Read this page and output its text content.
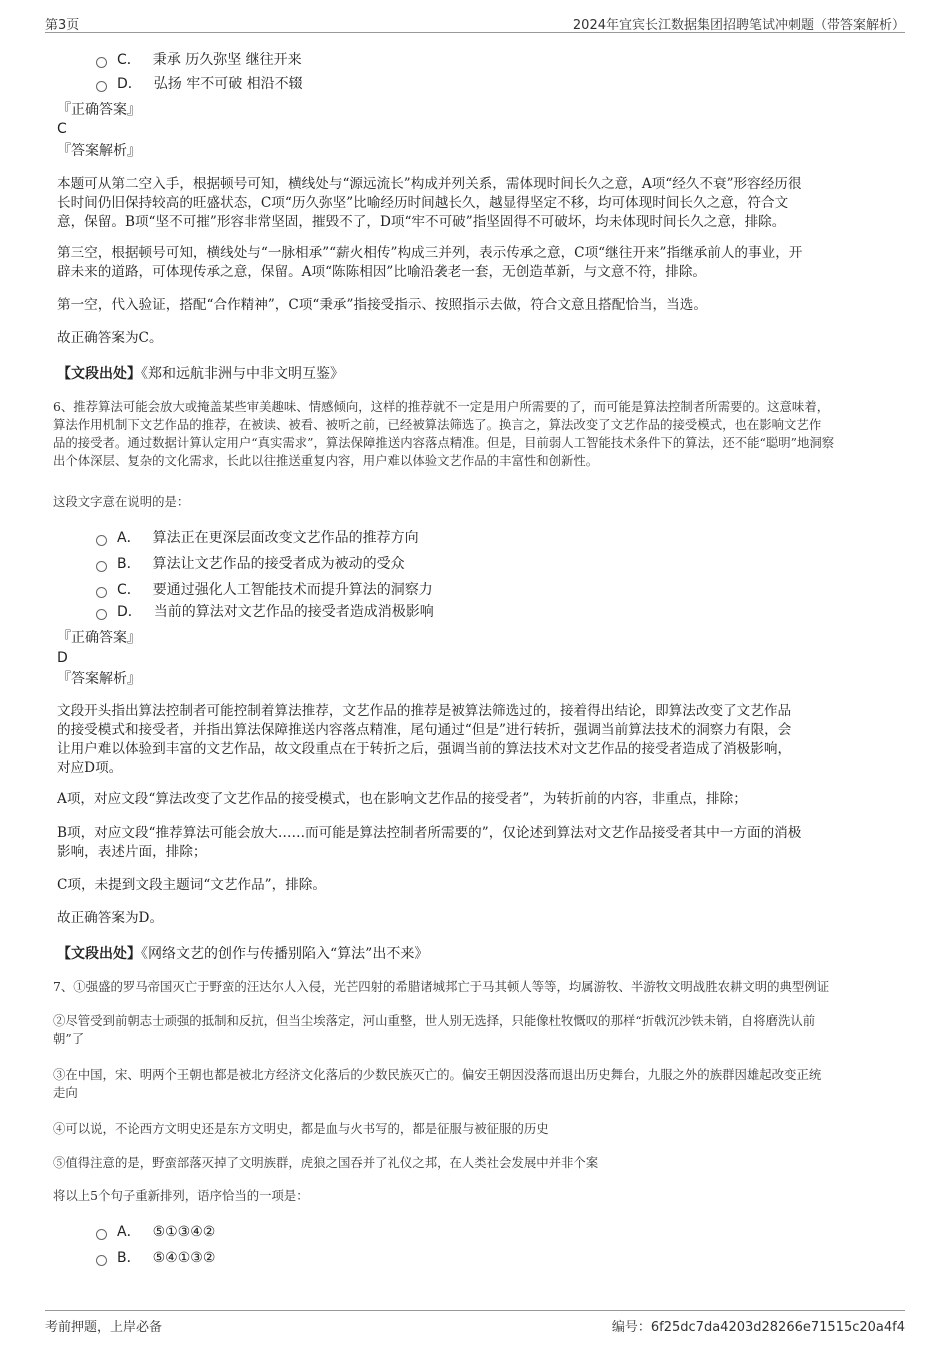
第3页	2024年宜宾长江数据集团招聘笔试冲刺题（带答案解析）
C． 秉承 历久弥坚 继往开来
D． 弘扬 牢不可破 相沿不辍
『正确答案』
C
『答案解析』
本题可从第二空入手，根据顿号可知，横线处与“源远流长”构成并列关系，需体现时间长久之意，A项“经久不衰”形容经历很
长时间仍旧保持较高的旺盛状态，C项“历久弥坚”比喻经历时间越长久，越显得坚定不移，均可体现时间长久之意，符合文
意，保留。B项“坚不可摧”形容非常坚固，摧毁不了，D项“牢不可破”指坚固得不可破坏，均未体现时间长久之意，排除。
第三空，根据顿号可知，横线处与“一脉相承”“薪火相传”构成三并列，表示传承之意，C项“继往开来”指继承前人的事业，开
辟未来的道路，可体现传承之意，保留。A项“陈陈相因”比喻沿袭老一套，无创造革新，与文意不符，排除。
第一空，代入验证，搭配“合作精神”，C项“秉承”指接受指示、按照指示去做，符合文意且搭配恰当，当选。
故正确答案为C。
【文段出处】《郑和远航非洲与中非文明互鉴》
6、推荐算法可能会放大或掩盖某些审美趣味、情感倾向，这样的推荐就不一定是用户所需要的了，而可能是算法控制者所需要的。这意味着，
算法作用机制下文艺作品的推荐，在被读、被看、被听之前，已经被算法筛选了。换言之，算法改变了文艺作品的接受模式，也在影响文艺作
品的接受者。通过数据计算认定用户“真实需求”，算法保障推送内容落点精准。但是，目前弱人工智能技术条件下的算法，还不能“聪明”地洞察
出个体深层、复杂的文化需求，长此以往推送重复内容，用户难以体验文艺作品的丰富性和创新性。
这段文字意在说明的是：
A． 算法正在更深层面改变文艺作品的推荐方向
B． 算法让文艺作品的接受者成为被动的受众
C． 要通过强化人工智能技术而提升算法的洞察力
D． 当前的算法对文艺作品的接受者造成消极影响
『正确答案』
D
『答案解析』
文段开头指出算法控制者可能控制着算法推荐，文艺作品的推荐是被算法筛选过的，接着得出结论，即算法改变了文艺作品
的接受模式和接受者，并指出算法保障推送内容落点精准，尾句通过“但是”进行转折，强调当前算法技术的洞察力有限，会
让用户难以体验到丰富的文艺作品，故文段重点在于转折之后，强调当前的算法技术对文艺作品的接受者造成了消极影响，
对应D项。
A项，对应文段“算法改变了文艺作品的接受模式，也在影响文艺作品的接受者”，为转折前的内容，非重点，排除；
B项，对应文段“推荐算法可能会放大……而可能是算法控制者所需要的”，仅论述到算法对文艺作品接受者其中一方面的消极
影响，表述片面，排除；
C项，未提到文段主题词“文艺作品”，排除。
故正确答案为D。
【文段出处】《网络文艺的创作与传播别陷入“算法”出不来》
7、①强盛的罗马帝国灭亡于野蛮的汪达尔人入侵，光芒四射的希腊诸城邦亡于马其顿人等等，均属游牧、半游牧文明战胜农耕文明的典型例证
②尽管受到前朝志士顽强的抵制和反抗，但当尘埃落定，河山重整，世人别无选择，只能像杜牧慨叹的那样“折戟沉沙铁未销，自将磨洗认前
朝”了
③在中国，宋、明两个王朝也都是被北方经济文化落后的少数民族灭亡的。偏安王朝因没落而退出历史舞台，九服之外的族群因雄起改变正统
走向
④可以说，不论西方文明史还是东方文明史，都是血与火书写的，都是征服与被征服的历史
⑤值得注意的是，野蛮部落灭掉了文明族群，虎狼之国吞并了礼仪之邦，在人类社会发展中并非个案
将以上5个句子重新排列，语序恰当的一项是：
A． ⑤①③④②
B． ⑤④①③②
考前押题，上岸必备	编号：6f25dc7da4203d28266e71515c20a4f4
